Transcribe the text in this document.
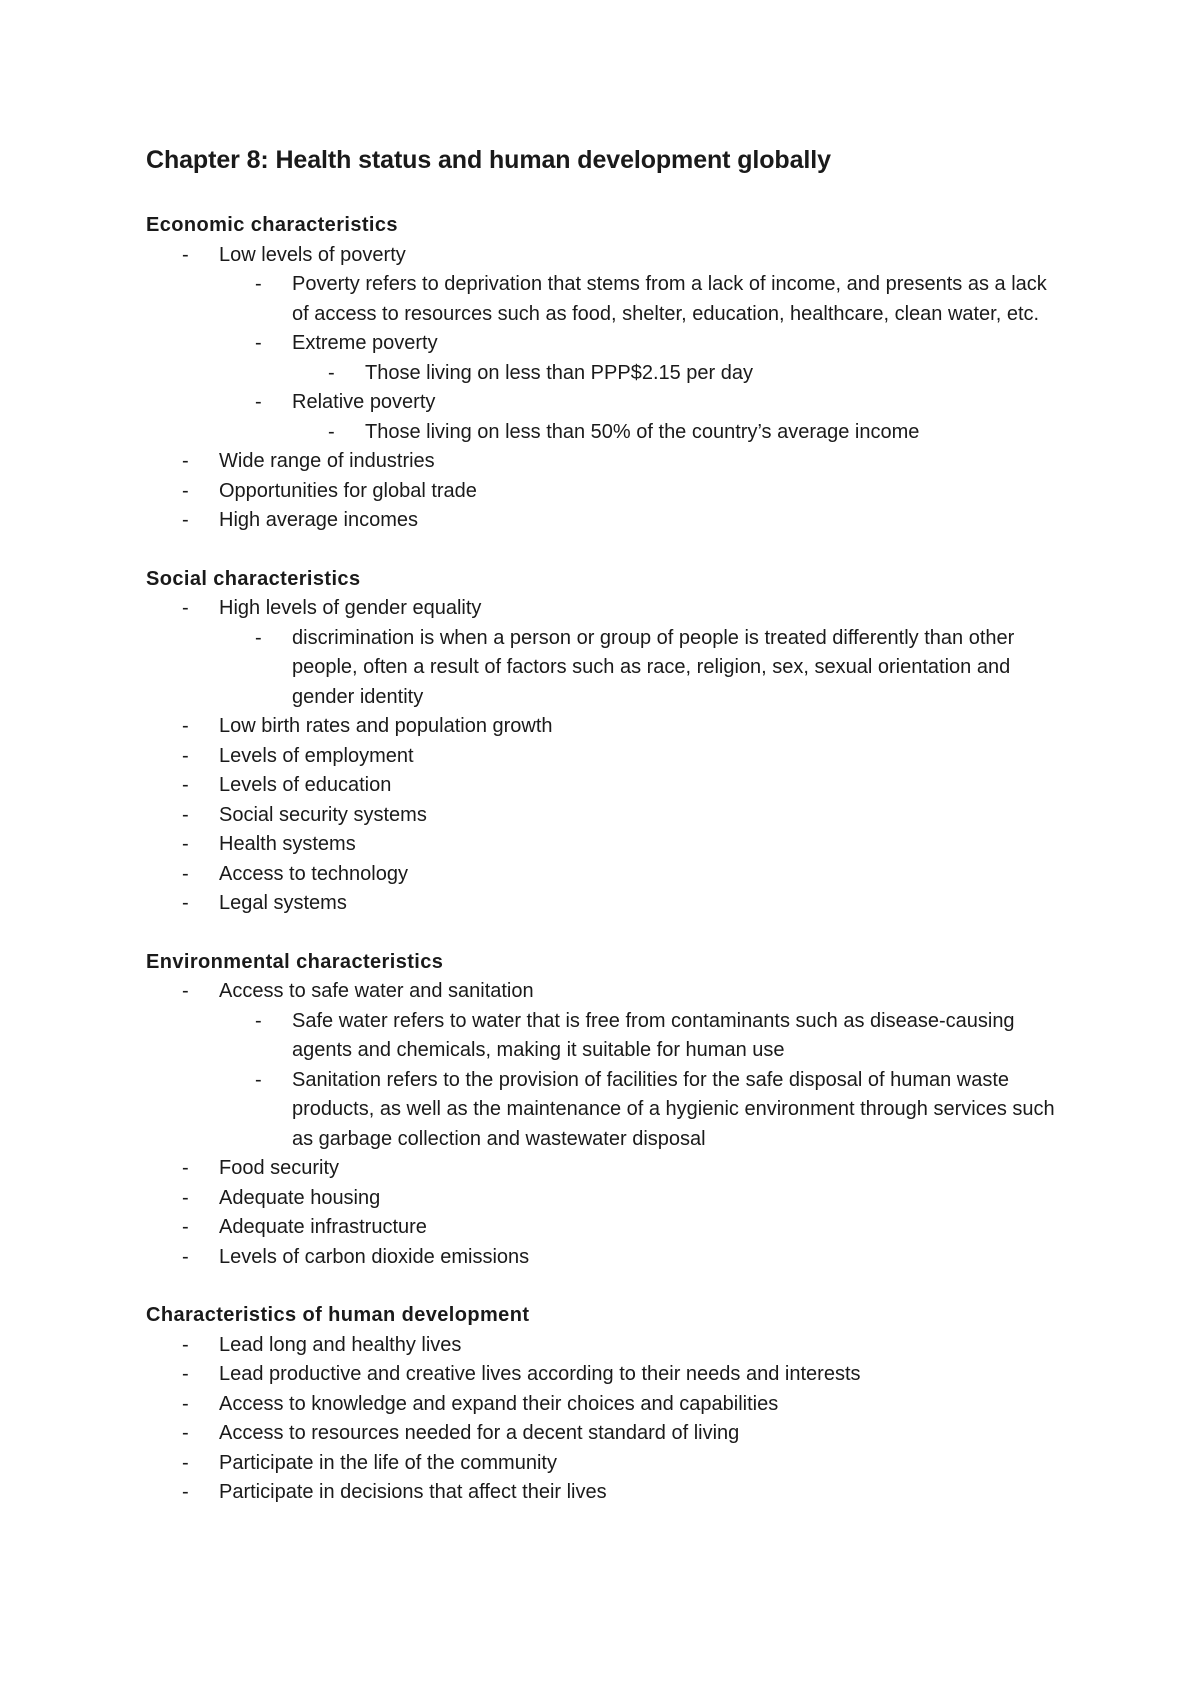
Chapter 8: Health status and human development globally
Economic characteristics
- Low levels of poverty
- Poverty refers to deprivation that stems from a lack of income, and presents as a lack of access to resources such as food, shelter, education, healthcare, clean water, etc.
- Extreme poverty
- Those living on less than PPP$2.15 per day
- Relative poverty
- Those living on less than 50% of the country’s average income
- Wide range of industries
- Opportunities for global trade
- High average incomes
Social characteristics
- High levels of gender equality
- discrimination is when a person or group of people is treated differently than other people, often a result of factors such as race, religion, sex, sexual orientation and gender identity
- Low birth rates and population growth
- Levels of employment
- Levels of education
- Social security systems
- Health systems
- Access to technology
- Legal systems
Environmental characteristics
- Access to safe water and sanitation
- Safe water refers to water that is free from contaminants such as disease-causing agents and chemicals, making it suitable for human use
- Sanitation refers to the provision of facilities for the safe disposal of human waste products, as well as the maintenance of a hygienic environment through services such as garbage collection and wastewater disposal
- Food security
- Adequate housing
- Adequate infrastructure
- Levels of carbon dioxide emissions
Characteristics of human development
- Lead long and healthy lives
- Lead productive and creative lives according to their needs and interests
- Access to knowledge and expand their choices and capabilities
- Access to resources needed for a decent standard of living
- Participate in the life of the community
- Participate in decisions that affect their lives
